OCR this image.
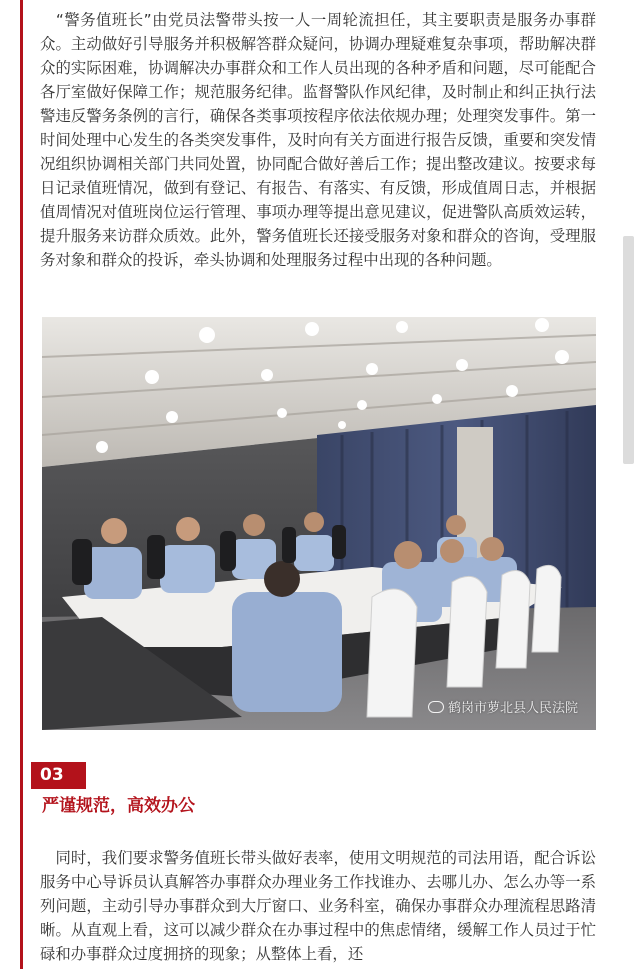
　“警务值班长”由党员法警带头按一人一周轮流担任，其主要职责是服务办事群众。主动做好引导服务并积极解答群众疑问，协调办理疑难复杂事项，帮助解决群众的实际困难，协调解决办事群众和工作人员出现的各种矛盾和问题，尽可能配合各厅室做好保障工作；规范服务纪律。监督警队作风纪律，及时制止和纠正执行法警违反警务条例的言行，确保各类事项按程序依法依规办理；处理突发事件。第一时间处理中心发生的各类突发事件，及时向有关方面进行报告反馈，重要和突发情况组织协调相关部门共同处置，协同配合做好善后工作；提出整改建议。按要求每日记录值班情况，做到有登记、有报告、有落实、有反馈，形成值周日志，并根据值周情况对值班岗位运行管理、事项办理等提出意见建议，促进警队高质效运转，提升服务来访群众质效。此外，警务值班长还接受服务对象和群众的咨询，受理服务对象和群众的投诉，牵头协调和处理服务过程中出现的各种问题。

鹤岗市萝北县人民法院
03
严谨规范，高效办公

　同时，我们要求警务值班长带头做好表率，使用文明规范的司法用语，配合诉讼服务中心导诉员认真解答办事群众办理业务工作找谁办、去哪儿办、怎么办等一系列问题，主动引导办事群众到大厅窗口、业务科室，确保办事群众办理流程思路清晰。从直观上看，这可以减少群众在办事过程中的焦虑情绪，缓解工作人员过于忙碌和办事群众过度拥挤的现象；从整体上看，还
